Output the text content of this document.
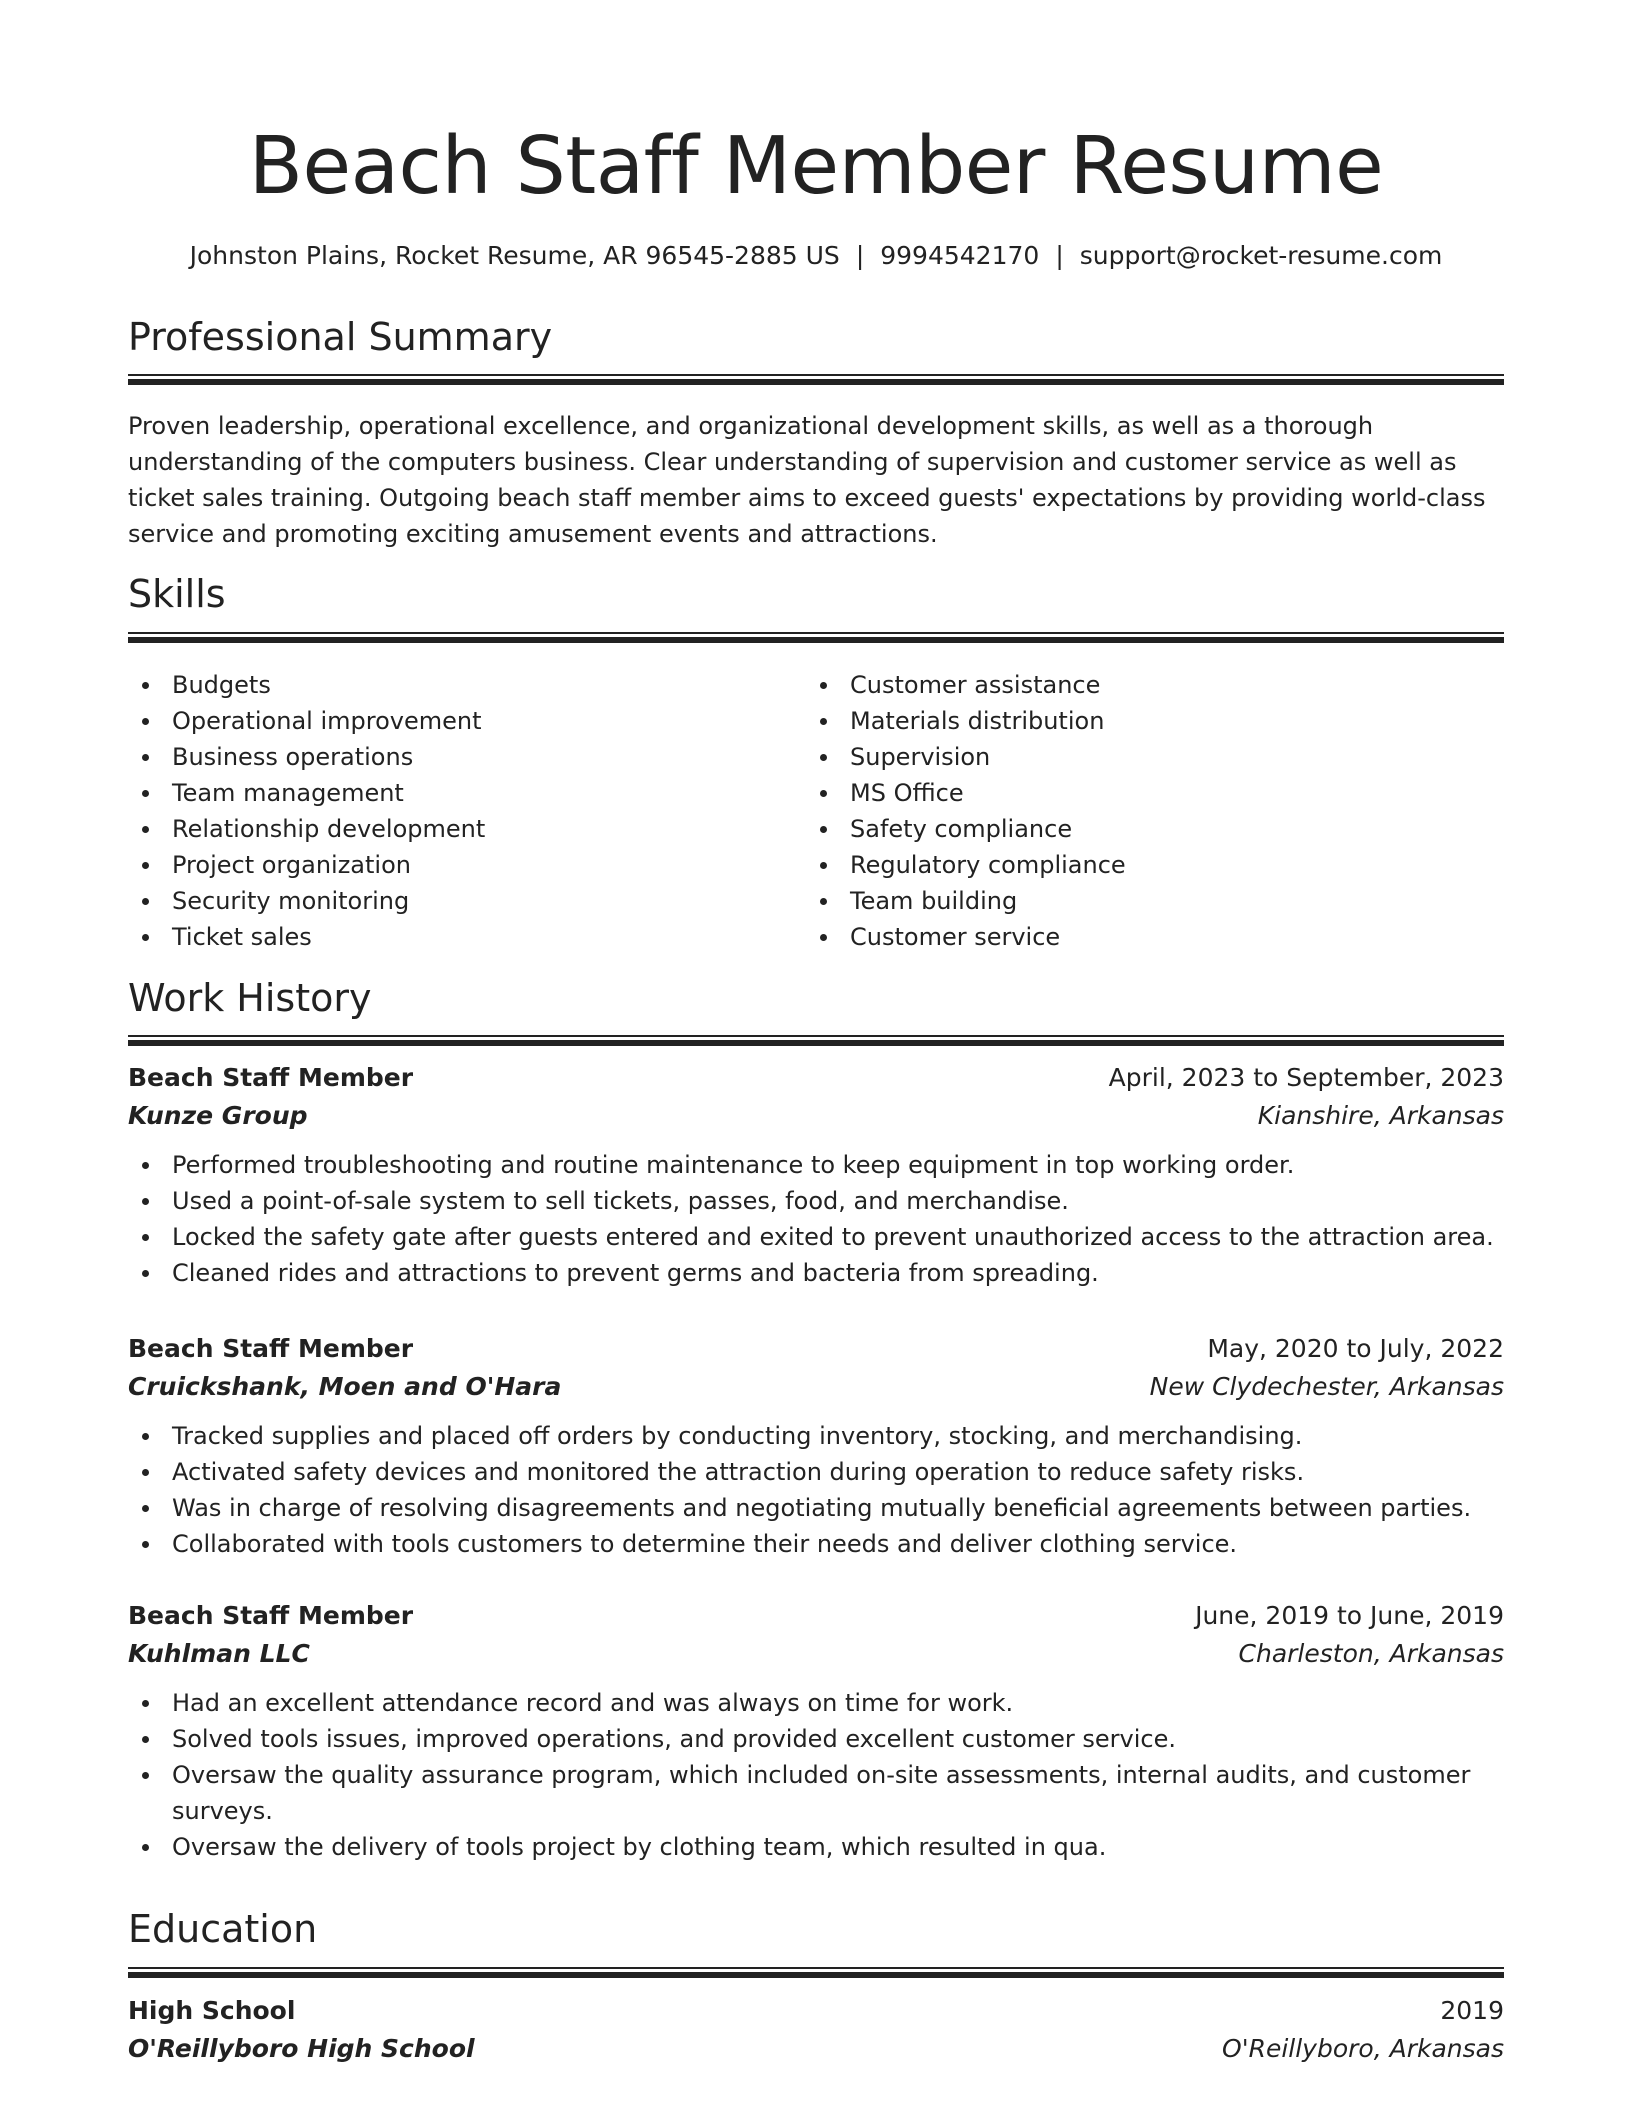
Beach Staff Member Resume
Johnston Plains, Rocket Resume, AR 96545-2885 US | 9994542170 | support@rocket-resume.com
Professional Summary

Proven leadership, operational excellence, and organizational development skills, as well as a thorough understanding of the computers business. Clear understanding of supervision and customer service as well as ticket sales training. Outgoing beach staff member aims to exceed guests' expectations by providing world-class service and promoting exciting amusement events and attractions.

Skills
Budgets
Operational improvement
Business operations
Team management
Relationship development
Project organization
Security monitoring
Ticket sales
Customer assistance
Materials distribution
Supervision
MS Office
Safety compliance
Regulatory compliance
Team building
Customer service
Work History
Beach Staff Member	April, 2023 to September, 2023
Kunze Group	Kianshire, Arkansas
Performed troubleshooting and routine maintenance to keep equipment in top working order.
Used a point-of-sale system to sell tickets, passes, food, and merchandise.
Locked the safety gate after guests entered and exited to prevent unauthorized access to the attraction area.
Cleaned rides and attractions to prevent germs and bacteria from spreading.
Beach Staff Member	May, 2020 to July, 2022
Cruickshank, Moen and O'Hara	New Clydechester, Arkansas
Tracked supplies and placed off orders by conducting inventory, stocking, and merchandising.
Activated safety devices and monitored the attraction during operation to reduce safety risks.
Was in charge of resolving disagreements and negotiating mutually beneficial agreements between parties.
Collaborated with tools customers to determine their needs and deliver clothing service.
Beach Staff Member	June, 2019 to June, 2019
Kuhlman LLC	Charleston, Arkansas
Had an excellent attendance record and was always on time for work.
Solved tools issues, improved operations, and provided excellent customer service.
Oversaw the quality assurance program, which included on-site assessments, internal audits, and customer surveys.
Oversaw the delivery of tools project by clothing team, which resulted in qua.
Education
High School	2019
O'Reillyboro High School	O'Reillyboro, Arkansas
